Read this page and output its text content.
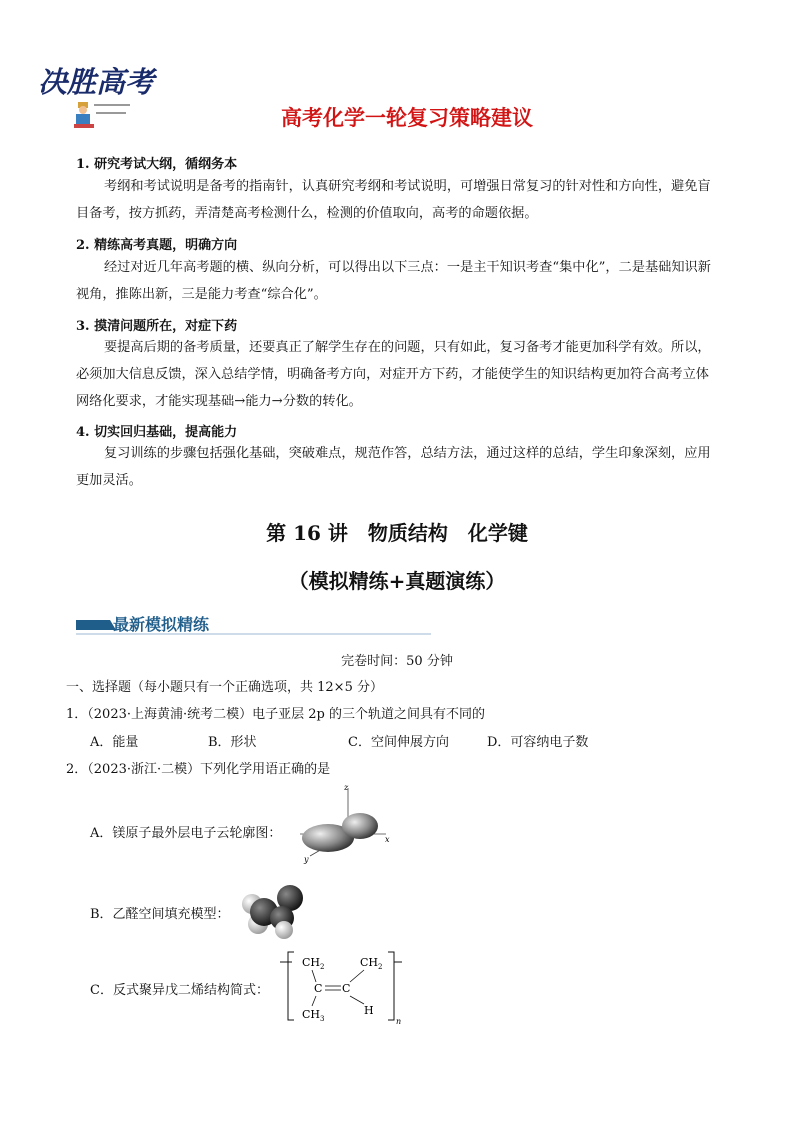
决胜高考
高考化学一轮复习策略建议
1. 研究考试大纲，循纲务本
考纲和考试说明是备考的指南针，认真研究考纲和考试说明，可增强日常复习的针对性和方向性，避免盲目备考，按方抓药，弄清楚高考检测什么，检测的价值取向，高考的命题依据。
2. 精练高考真题，明确方向
经过对近几年高考题的横、纵向分析，可以得出以下三点：一是主干知识考查“集中化”，二是基础知识新视角，推陈出新，三是能力考查“综合化”。
3. 摸清问题所在，对症下药
要提高后期的备考质量，还要真正了解学生存在的问题，只有如此，复习备考才能更加科学有效。所以，必须加大信息反馈，深入总结学情，明确备考方向，对症开方下药，才能使学生的知识结构更加符合高考立体网络化要求，才能实现基础→能力→分数的转化。
4. 切实回归基础，提高能力
复习训练的步骤包括强化基础，突破难点，规范作答，总结方法，通过这样的总结，学生印象深刻，应用更加灵活。
第 16 讲　物质结构　化学键
（模拟精练+真题演练）
最新模拟精练
完卷时间：50 分钟
一、选择题（每小题只有一个正确选项，共 12×5 分）
1．（2023·上海黄浦·统考二模）电子亚层 2p 的三个轨道之间具有不同的
A．能量	B．形状	C．空间伸展方向	D．可容纳电子数
2．（2023·浙江·二模）下列化学用语正确的是
A．镁原子最外层电子云轮廓图：
z
x
y
B．乙醛空间填充模型：
C．反式聚异戊二烯结构简式：
$CH_2$	$CH_2$
C C
$CH_3$
H
n
